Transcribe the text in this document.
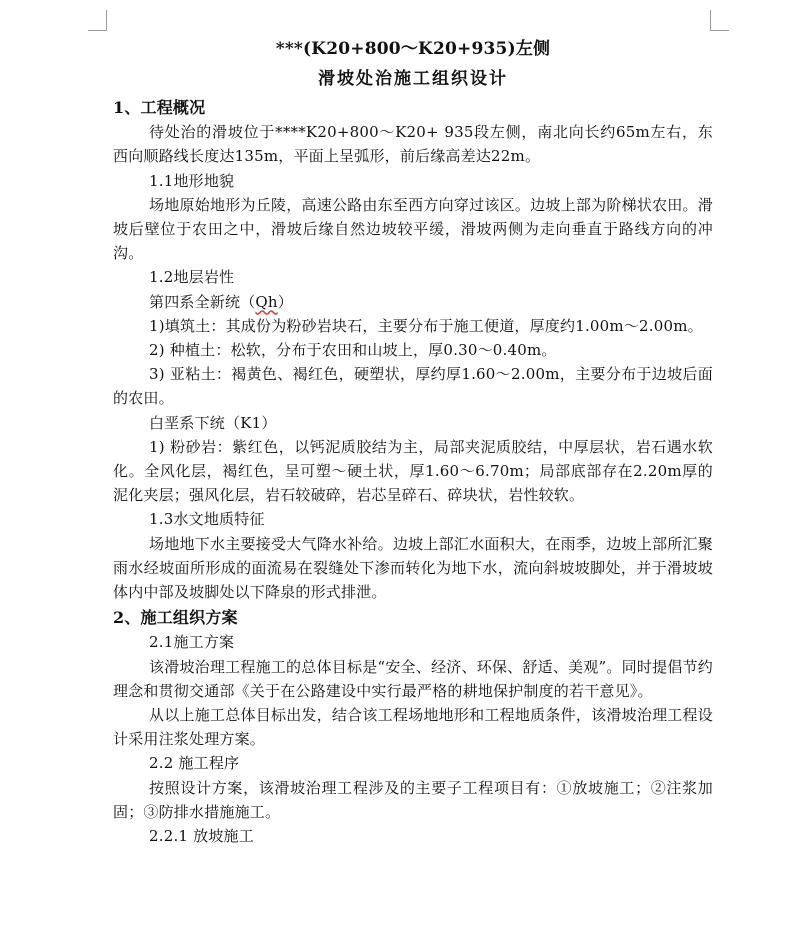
***(K20+800～K20+935)左侧

滑坡处治施工组织设计

1、工程概况

待处治的滑坡位于****K20+800～K20+ 935段左侧，南北向长约65m左右，东西向顺路线长度达135m，平面上呈弧形，前后缘高差达22m。

1.1地形地貌

场地原始地形为丘陵，高速公路由东至西方向穿过该区。边坡上部为阶梯状农田。滑坡后壁位于农田之中，滑坡后缘自然边坡较平缓，滑坡两侧为走向垂直于路线方向的冲沟。

1.2地层岩性

第四系全新统（Qh）

1)填筑土：其成份为粉砂岩块石，主要分布于施工便道，厚度约1.00m～2.00m。

2) 种植土：松软，分布于农田和山坡上，厚0.30～0.40m。

3) 亚粘土：褐黄色、褐红色，硬塑状，厚约厚1.60～2.00m，主要分布于边坡后面的农田。

白垩系下统（K1）

1) 粉砂岩：紫红色，以钙泥质胶结为主，局部夹泥质胶结，中厚层状，岩石遇水软化。全风化层，褐红色，呈可塑～硬土状，厚1.60～6.70m；局部底部存在2.20m厚的泥化夹层；强风化层，岩石较破碎，岩芯呈碎石、碎块状，岩性较软。

1.3水文地质特征

场地地下水主要接受大气降水补给。边坡上部汇水面积大，在雨季，边坡上部所汇聚雨水经坡面所形成的面流易在裂缝处下渗而转化为地下水，流向斜坡坡脚处，并于滑坡坡体内中部及坡脚处以下降泉的形式排泄。

2、施工组织方案

2.1施工方案

该滑坡治理工程施工的总体目标是“安全、经济、环保、舒适、美观”。同时提倡节约理念和贯彻交通部《关于在公路建设中实行最严格的耕地保护制度的若干意见》。

从以上施工总体目标出发，结合该工程场地地形和工程地质条件，该滑坡治理工程设计采用注浆处理方案。

2.2 施工程序

按照设计方案，该滑坡治理工程涉及的主要子工程项目有：①放坡施工；②注浆加固；③防排水措施施工。

2.2.1 放坡施工
